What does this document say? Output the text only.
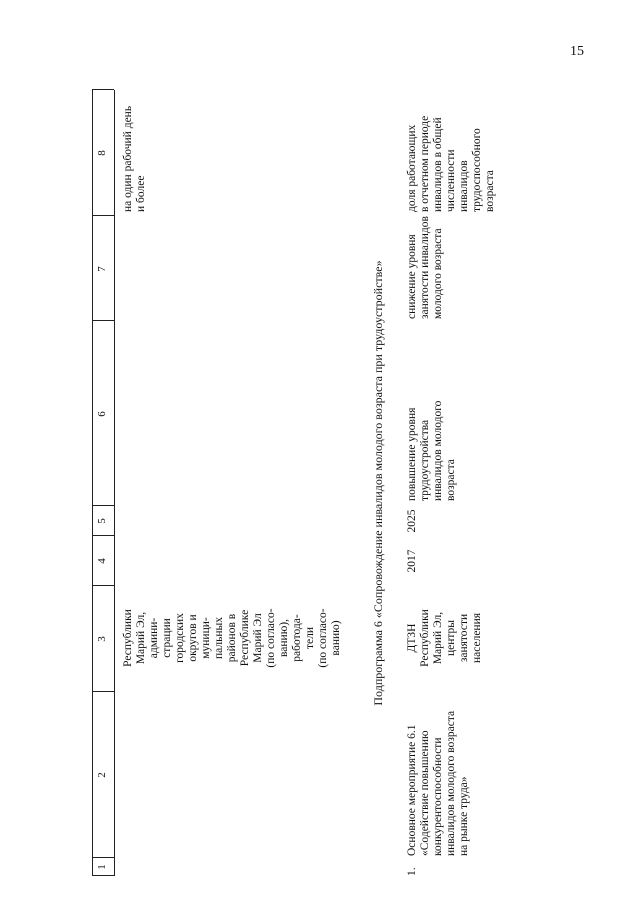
15
1
2
3
4
5
6
7
8
Республики Марий Эл, админи- страции городских округов и муници- пальных районов в Республике Марий Эл (по согласо- ванию), работода- тели (по согласо- ванию)
на один рабочий день и более
Подпрограмма 6 «Сопровождение инвалидов молодого возраста при трудоустройстве»
1.
Основное мероприятие 6.1 «Содействие повышению конкурентоспособности инвалидов молодого возраста на рынке труда»
ДТЗН Республики Марий Эл, центры занятости населения
2017
2025
повышение уровня трудоустройства инвалидов молодого возраста
снижение уровня занятости инвалидов молодого возраста
доля работающих в отчетном периоде инвалидов в общей численности инвалидов трудоспособного возраста
